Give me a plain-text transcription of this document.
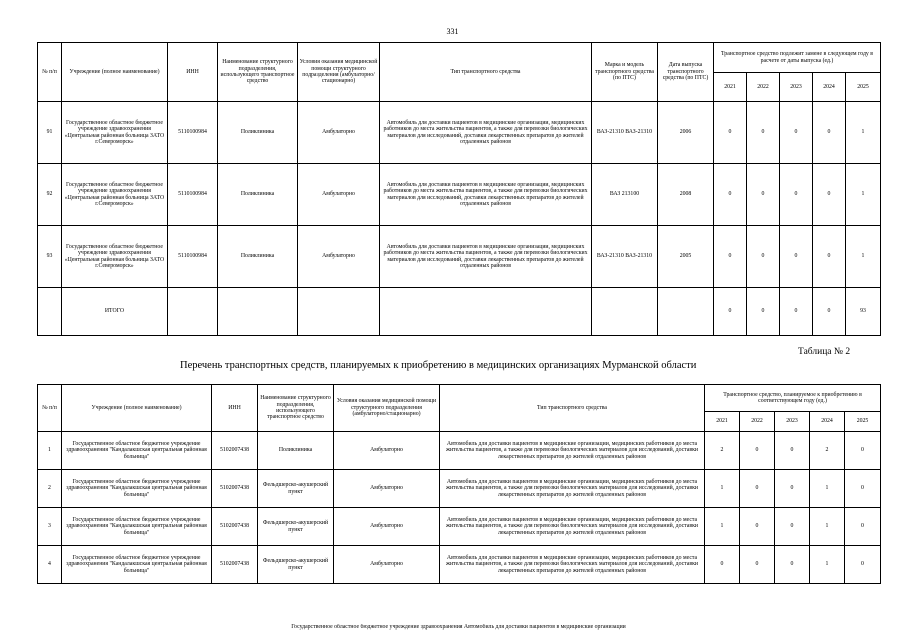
331
№ п/п	Учреждение (полное наименование)	ИНН	Наименование структурного подразделения, использующего транспортное средство	Условия оказания медицинской помощи структурного подразделения (амбулаторно/ стационарно)	Тип транспортного средства	Марка и модель транспортного средства (по ПТС)	Дата выпуска транспортного средства (по ПТС)	Транспортное средство подлежит замене в следующем году в расчете от даты выпуска (ед.)				
								2021	2022	2023	2024	2025
91	Государственное областное бюджетное учреждение здравоохранения «Центральная районная больница ЗАТО г.Североморск»	5110100984	Поликлиника	Амбулаторно	Автомобиль для доставки пациентов в медицинские организации, медицинских работников до места жительства пациентов, а также для перевозки биологических материалов для исследований, доставки лекарственных препаратов до жителей отдаленных районов	ВАЗ-21310 ВАЗ-21310	2006	0	0	0	0	1
92	Государственное областное бюджетное учреждение здравоохранения «Центральная районная больница ЗАТО г.Североморск»	5110100984	Поликлиника	Амбулаторно	Автомобиль для доставки пациентов в медицинские организации, медицинских работников до места жительства пациентов, а также для перевозки биологических материалов для исследований, доставки лекарственных препаратов до жителей отдаленных районов	ВАЗ 213100	2008	0	0	0	0	1
93	Государственное областное бюджетное учреждение здравоохранения «Центральная районная больница ЗАТО г.Североморск»	5110100984	Поликлиника	Амбулаторно	Автомобиль для доставки пациентов в медицинские организации, медицинских работников до места жительства пациентов, а также для перевозки биологических материалов для исследований, доставки лекарственных препаратов до жителей отдаленных районов	ВАЗ-21310 ВАЗ-21310	2005	0	0	0	0	1
	ИТОГО							0	0	0	0	93
Таблица № 2
Перечень транспортных средств, планируемых к приобретению в медицинских организациях Мурманской области
№ п/п	Учреждение (полное наименование)	ИНН	Наименование структурного подразделения, использующего транспортное средство	Условия оказания медицинской помощи структурного подразделения (амбулаторно/стационарно)	Тип транспортного средства	Транспортное средство, планируемое к приобретению в соответствующем году (ед.)				
						2021	2022	2023	2024	2025
1	Государственное областное бюджетное учреждение здравоохранения "Кандалакшская центральная районная больница"	5102007438	Поликлиника	Амбулаторно	Автомобиль для доставки пациентов в медицинские организации, медицинских работников до места жительства пациентов, а также для перевозки биологических материалов для исследований, доставки лекарственных препаратов до жителей отдаленных районов	2	0	0	2	0
2	Государственное областное бюджетное учреждение здравоохранения "Кандалакшская центральная районная больница"	5102007438	Фельдшерско-акушерский пункт	Амбулаторно	Автомобиль для доставки пациентов в медицинские организации, медицинских работников до места жительства пациентов, а также для перевозки биологических материалов для исследований, доставки лекарственных препаратов до жителей отдаленных районов	1	0	0	1	0
3	Государственное областное бюджетное учреждение здравоохранения "Кандалакшская центральная районная больница"	5102007438	Фельдшерско-акушерский пункт	Амбулаторно	Автомобиль для доставки пациентов в медицинские организации, медицинских работников до места жительства пациентов, а также для перевозки биологических материалов для исследований, доставки лекарственных препаратов до жителей отдаленных районов	1	0	0	1	0
4	Государственное областное бюджетное учреждение здравоохранения "Кандалакшская центральная районная больница"	5102007438	Фельдшерско-акушерский пункт	Амбулаторно	Автомобиль для доставки пациентов в медицинские организации, медицинских работников до места жительства пациентов, а также для перевозки биологических материалов для исследований, доставки лекарственных препаратов до жителей отдаленных районов	0	0	0	1	0
Государственное областное бюджетное учреждение здравоохранения Автомобиль для доставки пациентов в медицинские организации
